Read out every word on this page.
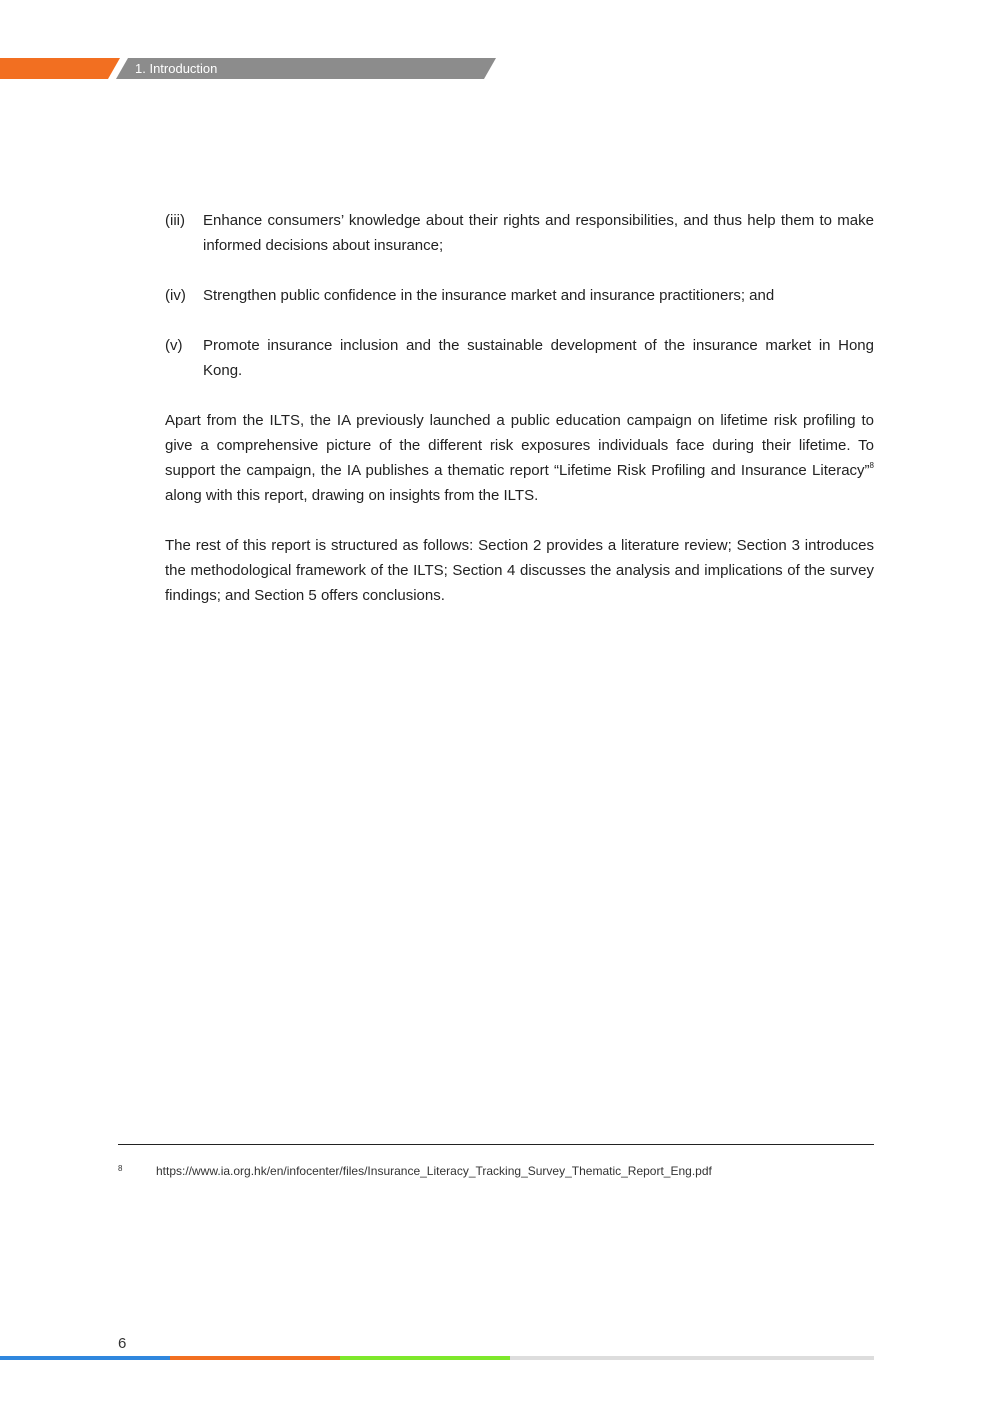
1. Introduction
(iii) Enhance consumers’ knowledge about their rights and responsibilities, and thus help them to make informed decisions about insurance;
(iv) Strengthen public confidence in the insurance market and insurance practitioners; and
(v) Promote insurance inclusion and the sustainable development of the insurance market in Hong Kong.

Apart from the ILTS, the IA previously launched a public education campaign on lifetime risk profiling to give a comprehensive picture of the different risk exposures individuals face during their lifetime. To support the campaign, the IA publishes a thematic report “Lifetime Risk Profiling and Insurance Literacy”$^8$ along with this report, drawing on insights from the ILTS.

The rest of this report is structured as follows: Section 2 provides a literature review; Section 3 introduces the methodological framework of the ILTS; Section 4 discusses the analysis and implications of the survey findings; and Section 5 offers conclusions.

8	https://www.ia.org.hk/en/infocenter/files/Insurance_Literacy_Tracking_Survey_Thematic_Report_Eng.pdf
6
